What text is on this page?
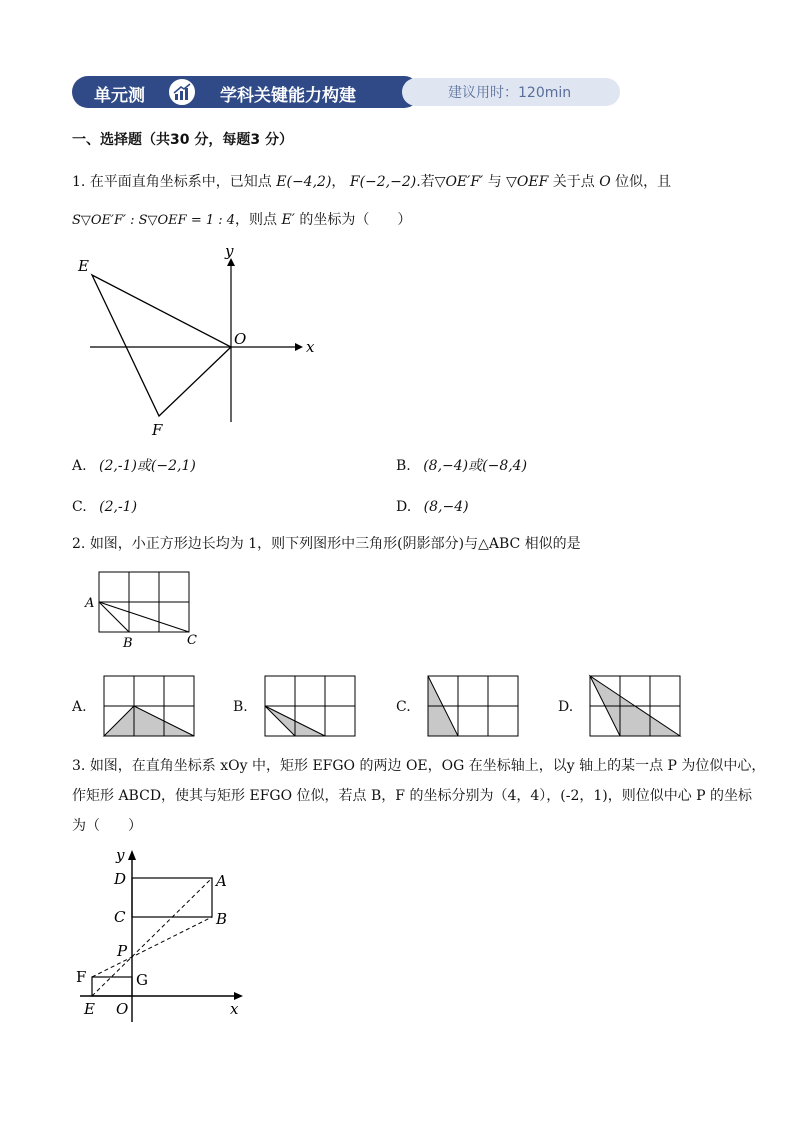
单元测	学科关键能力构建	建议用时：120min
一、选择题（共30 分，每题3 分）
1. 在平面直角坐标系中，已知点 E(−4,2)， F(−2,−2).若▽OE′F′ 与 ▽OEF 关于点 O 位似，且
S▽OE′F′ : S▽OEF = 1 : 4，则点 E′ 的坐标为（　　）
E
F
O	x
y
A. (2,-1)或(−2,1)	B. (8,−4)或(−8,4)
C. (2,-1)	D. (8,−4)
2. 如图，小正方形边长均为 1，则下列图形中三角形(阴影部分)与△ABC 相似的是
A
B	C
A.	B.	C.	D.
3. 如图，在直角坐标系 xOy 中，矩形 EFGO 的两边 OE，OG 在坐标轴上，以y 轴上的某一点 P 为位似中心，
作矩形 ABCD，使其与矩形 EFGO 位似，若点 B，F 的坐标分别为（4，4），(-2，1)，则位似中心 P 的坐标
为（　　）
y
D	A
C	B
P
F	G
E O	x
